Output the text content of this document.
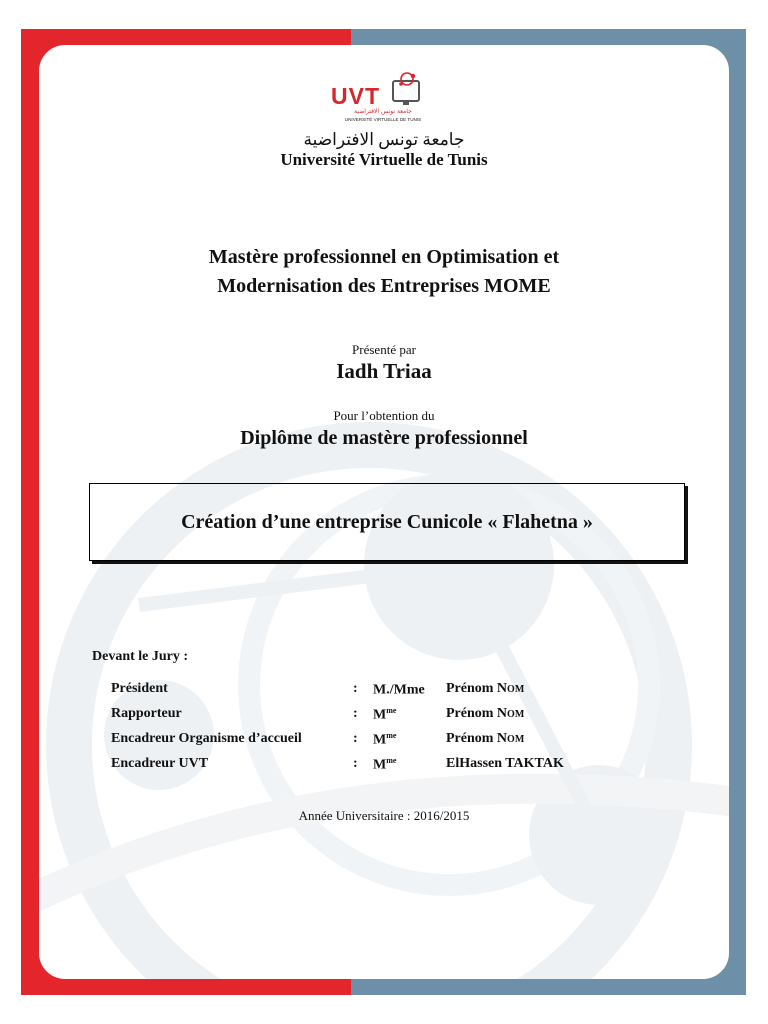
UVT
جامعة تونس الافتراضية
UNIVERSITÉ VIRTUELLE DE TUNIS
جامعة تونس الافتراضية
Université Virtuelle de Tunis
Mastère professionnel en Optimisation et
Modernisation des Entreprises MOME
Présenté par
Iadh Triaa
Pour l’obtention du
Diplôme de mastère professionnel
Création d’une entreprise Cunicole « Flahetna »
Devant le Jury :
Président	: M./Mme Prénom NOM
Rapporteur	: $M^{me}$	Prénom NOM
Encadreur Organisme d’accueil	: $M^{me}$	Prénom NOM
Encadreur UVT	: $M^{me}$	ElHassen TAKTAK
Année Universitaire : 2016/2015
